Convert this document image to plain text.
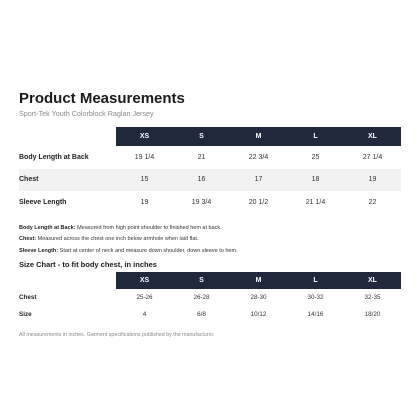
Product Measurements
Sport-Tek Youth Colorblock Raglan Jersey
	XS	S	M	L	XL
Body Length at Back	19 1/4	21	22 3/4	25	27 1/4
Chest	15	16	17	18	19
Sleeve Length	19	19 3/4	20 1/2	21 1/4	22
Body Length at Back: Measured from high point shoulder to finished hem at back.
Chest: Measured across the chest one inch below armhole when laid flat.
Sleeve Length: Start at center of neck and measure down shoulder, down sleeve to hem.
Size Chart - to fit body chest, in inches
	XS	S	M	L	XL
Chest	25-26	26-28	28-30	30-32	32-35
Size	4	6/8	10/12	14/16	18/20
All measurements in inches. Garment specifications published by the manufacturer.
